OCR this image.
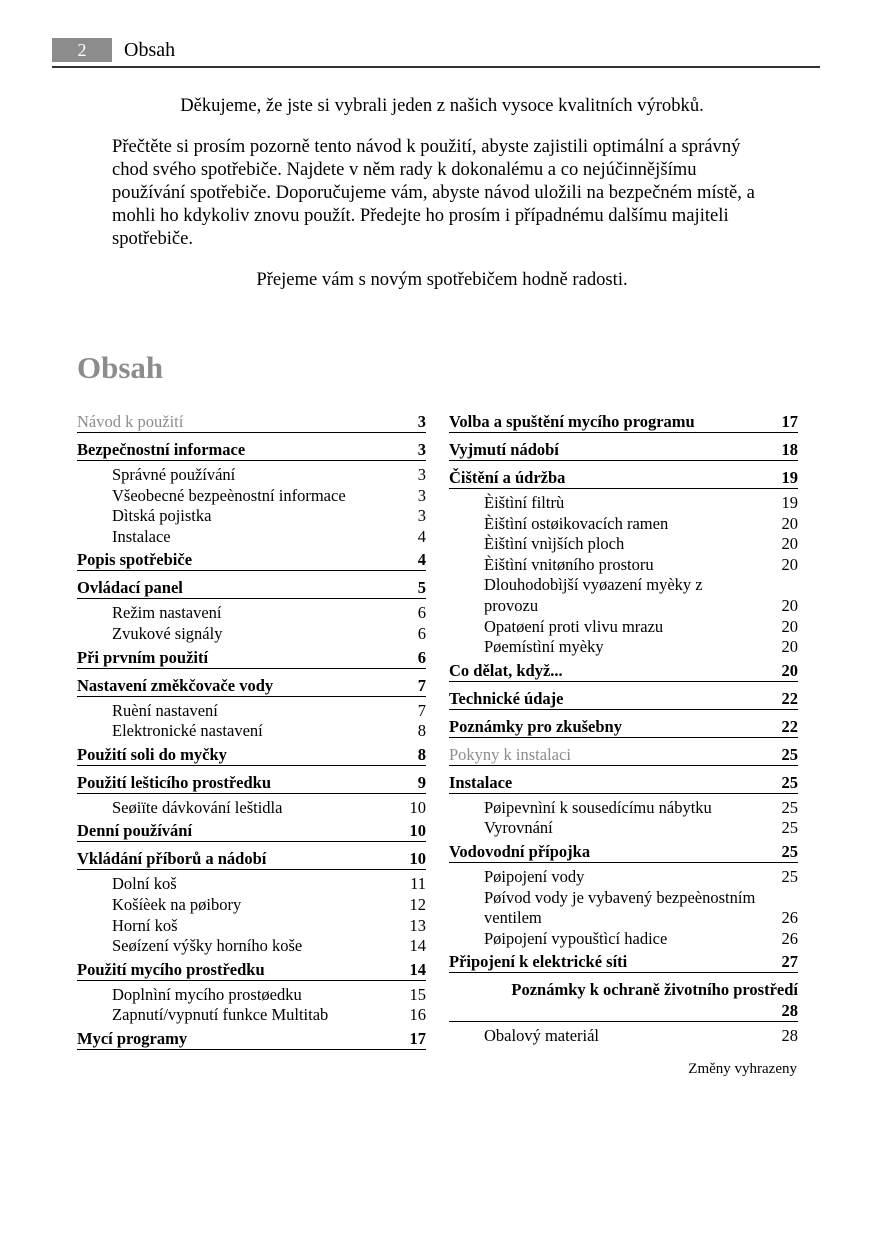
2	Obsah

Děkujeme, že jste si vybrali jeden z našich vysoce kvalitních výrobků.

Přečtěte si prosím pozorně tento návod k použití, abyste zajistili optimální a správný chod svého spotřebiče. Najdete v něm rady k dokonalému a co nejúčinnějšímu používání spotřebiče. Doporučujeme vám, abyste návod uložili na bezpečném místě, a mohli ho kdykoliv znovu použít. Předejte ho prosím i případnému dalšímu majiteli spotřebiče.

Přejeme vám s novým spotřebičem hodně radosti.

Obsah
Návod k použití	3
Bezpečnostní informace	3
Správné používání	3
Všeobecné bezpeènostní informace	3
Dìtská pojistka	3
Instalace	4
Popis spotřebiče	4
Ovládací panel	5
Režim nastavení	6
Zvukové signály	6
Při prvním použití	6
Nastavení změkčovače vody	7
Ruèní nastavení	7
Elektronické nastavení	8
Použití soli do myčky	8
Použití lešticího prostředku	9
Seøiïte dávkování leštidla	10
Denní používání	10
Vkládání příborů a nádobí	10
Dolní koš	11
Košíèek na pøibory	12
Horní koš	13
Seøízení výšky horního koše	14
Použití mycího prostředku	14
Doplnìní mycího prostøedku	15
Zapnutí/vypnutí funkce Multitab	16
Mycí programy	17
Volba a spuštění mycího programu	17
Vyjmutí nádobí	18
Čištění a údržba	19
Èištìní filtrù	19
Èištìní ostøikovacích ramen	20
Èištìní vnìjších ploch	20
Èištìní vnitøního prostoru	20
Dlouhodobìjší vyøazení myèky z
provozu	20
Opatøení proti vlivu mrazu	20
Pøemístìní myèky	20
Co dělat, když...	20
Technické údaje	22
Poznámky pro zkušebny	22
Pokyny k instalaci	25
Instalace	25
Pøipevnìní k sousedícímu nábytku	25
Vyrovnání	25
Vodovodní přípojka	25
Pøipojení vody	25
Pøívod vody je vybavený bezpeènostním
ventilem	26
Pøipojení vypouštìcí hadice	26
Připojení k elektrické síti	27
Poznámky k ochraně životního prostředí
28
Obalový materiál	28
Změny vyhrazeny
